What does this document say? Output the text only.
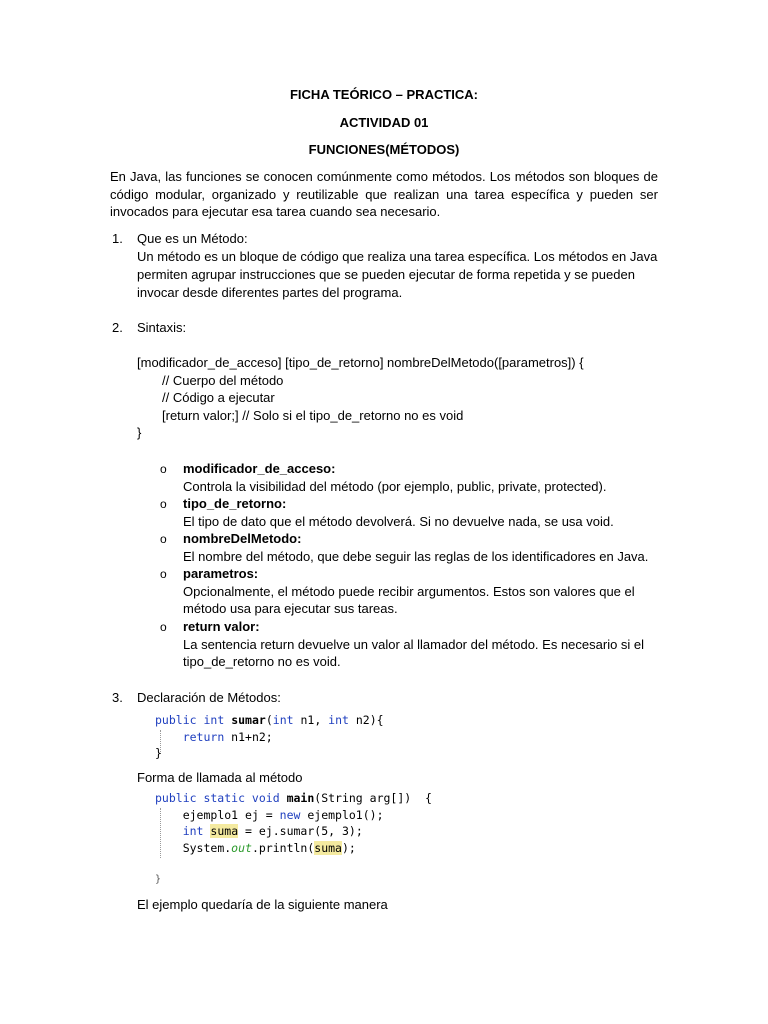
FICHA TEÓRICO – PRACTICA:
ACTIVIDAD 01
FUNCIONES(MÉTODOS)
En Java, las funciones se conocen comúnmente como métodos. Los métodos son bloques de código modular, organizado y reutilizable que realizan una tarea específica y pueden ser invocados para ejecutar esa tarea cuando sea necesario.
1. Que es un Método:
Un método es un bloque de código que realiza una tarea específica. Los métodos en Java
permiten agrupar instrucciones que se pueden ejecutar de forma repetida y se pueden
invocar desde diferentes partes del programa.
2. Sintaxis:
[modificador_de_acceso] [tipo_de_retorno] nombreDelMetodo([parametros]) {
// Cuerpo del método
// Código a ejecutar
[return valor;] // Solo si el tipo_de_retorno no es void
}
o modificador_de_acceso:
Controla la visibilidad del método (por ejemplo, public, private, protected).
o tipo_de_retorno:
El tipo de dato que el método devolverá. Si no devuelve nada, se usa void.
o nombreDelMetodo:
El nombre del método, que debe seguir las reglas de los identificadores en Java.
o parametros:
Opcionalmente, el método puede recibir argumentos. Estos son valores que el
método usa para ejecutar sus tareas.
o return valor:
La sentencia return devuelve un valor al llamador del método. Es necesario si el
tipo_de_retorno no es void.
3. Declaración de Métodos:
public int sumar(int n1, int n2){
return n1+n2;
}
Forma de llamada al método
public static void main(String arg[])  {
ejemplo1 ej = new ejemplo1();
int suma = ej.sumar(5, 3);
System.out.println(suma);

}
El ejemplo quedaría de la siguiente manera
